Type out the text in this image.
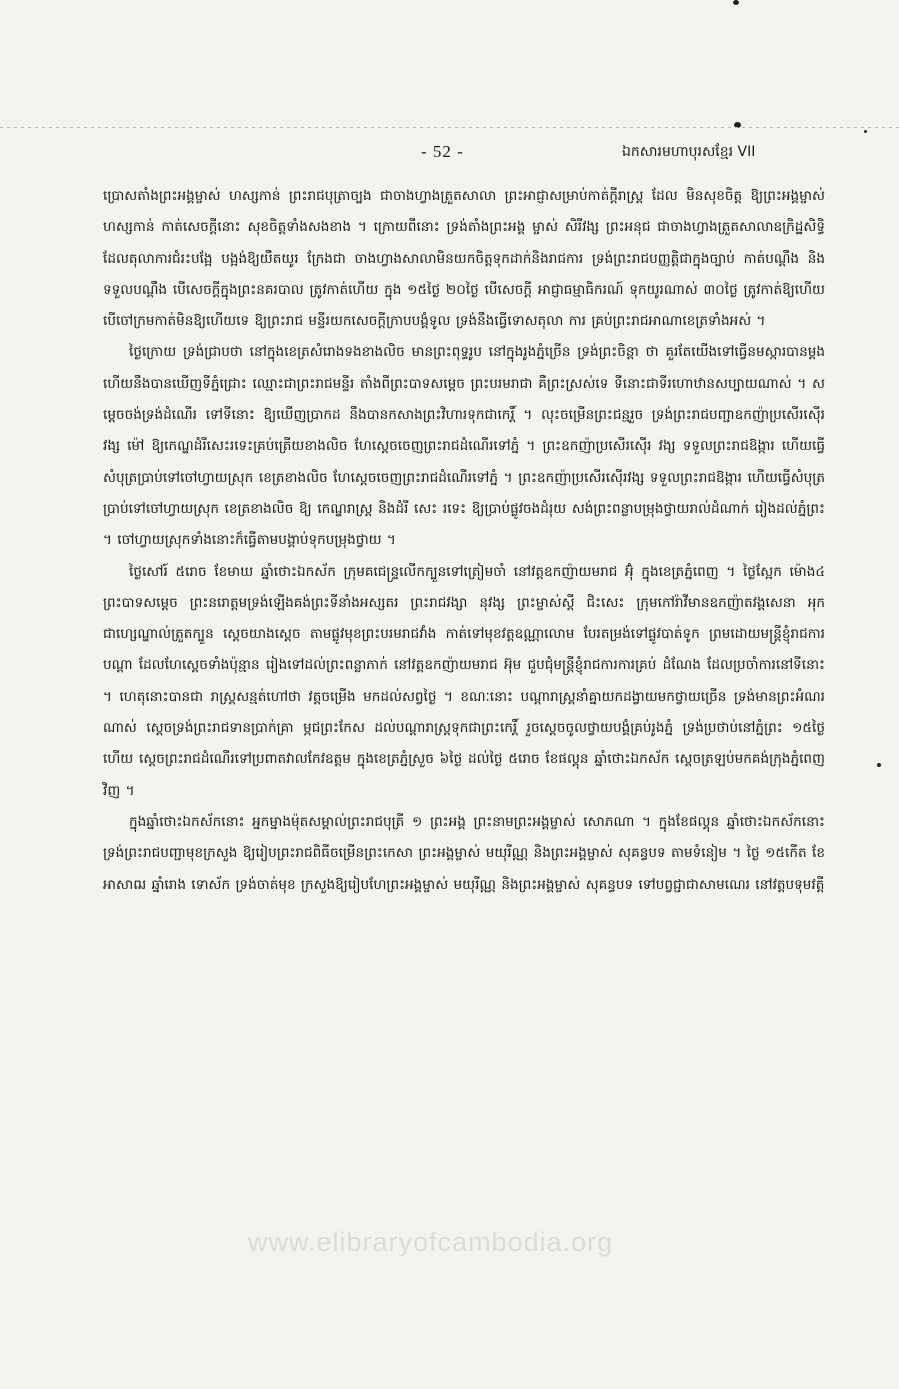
- 52 -	ឯកសារមហាបុរសខ្មែរ VII

ប្រោសតាំងព្រះអង្គម្ចាស់ ហស្សកាន់ ព្រះរាជបុត្រាច្បង ជាចាងហ្វាងត្រួតសាលា ព្រះអាជ្ញាសម្រាប់កាត់ក្តីរាស្ត្រ ដែល មិនសុខចិត្ត ឱ្យព្រះអង្គម្ចាស់ ហស្សកាន់ កាត់សេចក្តីនោះ សុខចិត្តទាំងសងខាង ។ ក្រោយពីនោះ ទ្រង់តាំងព្រះអង្គ ម្ចាស់ សិរីវង្ស ព្រះអនុជ ជាចាងហ្វាងត្រួតសាលាឧក្រិដ្ឋសិទ្ធិ ដែលតុលាការជំរះបង្អែ បង្អង់ឱ្យយឺតយូរ ក្រែងជា ចាងហ្វាងសាលាមិនយកចិត្តទុកដាក់និងរាជការ ទ្រង់ព្រះរាជបញ្ញត្តិជាក្នុងច្បាប់ កាត់បណ្តឹង និងទទួលបណ្តឹង បើសេចក្តីក្នុងព្រះនគរបាល ត្រូវកាត់ហើយ ក្នុង ១៥ថ្ងៃ ២០ថ្ងៃ បើសេចក្តី អាជ្ញាធម្មាធិករណ៍ ទុកយូរណាស់ ៣០ថ្ងៃ ត្រូវកាត់ឱ្យហើយ បើចៅក្រមកាត់មិនឱ្យហើយទេ ឱ្យព្រះរាជ មន្ទីរយកសេចក្តីក្រាបបង្គំទូល ទ្រង់នឹងធ្វើទោសតុលា ការ គ្រប់ព្រះរាជអាណាខេត្រទាំងអស់ ។

ថ្ងៃក្រោយ ទ្រង់ជ្រាបថា នៅក្នុងខេត្រសំរោងទងខាងលិច មានព្រះពុទ្ធរូប នៅក្នុងរូងភ្នំច្រើន ទ្រង់ព្រះចិន្តា ថា គួរតែយើងទៅធ្វើនមស្ការបានម្តង ហើយនឹងបានឃើញទីភ្នំជ្រោះ ឈ្មោះជាព្រះរាជមន្ទីរ តាំងពីព្រះបាទសម្តេច ព្រះបរមរាជា គឺព្រះស្រស់ទេ ទីនោះជាទីរហោឋានសប្បាយណាស់ ។ សម្តេចចង់ទ្រង់ដំណើរ ទៅទីនោះ ឱ្យឃើញប្រាកដ នឹងបានកសាងព្រះវិហារទុកជាកេរ្តិ៍ ។ លុះចម្រើនព្រះជន្មរួច ទ្រង់ព្រះរាជបញ្ជាឧកញ៉ាប្រសើរស៊ើរ វង្ស ម៉ៅ ឱ្យកេណ្ឌដំរីសេះរទេះគ្រប់ត្រើយខាងលិច ហែស្តេចចេញព្រះរាជដំណើរទៅភ្នំ ។ ព្រះឧកញ៉ាប្រសើរស៊ើរ វង្ស ទទួលព្រះរាជឱង្ការ ហើយធ្វើសំបុត្រប្រាប់ទៅចៅហ្វាយស្រុក ខេត្រខាងលិច ហែស្តេចចេញព្រះរាជដំណើរទៅភ្នំ ។ ព្រះឧកញ៉ាប្រសើរស៊ើរវង្ស ទទួលព្រះរាជឱង្ការ ហើយធ្វើសំបុត្រប្រាប់ទៅចៅហ្វាយស្រុក ខេត្រខាងលិច ឱ្យ កេណ្ឌរាស្ត្រ និងដំរី សេះ រទេះ ឱ្យប្រាប់ផ្លូវចងដំរុយ សង់ព្រះពន្លាបម្រុងថ្វាយរាល់ដំណាក់ រៀងដល់ភ្នំព្រះ ។ ចៅហ្វាយស្រុកទាំងនោះក៏ធ្វើតាមបង្គាប់ទុកបម្រុងថ្វាយ ។

ថ្ងៃសៅរ៍ ៥រោច ខែមាឃ ឆ្នាំថោះឯកស័ក ក្រុមគជេន្ទ្រលើកក្បួនទៅត្រៀមចាំ នៅវត្តឧកញ៉ាយមរាជ អ៊ុំ ក្នុងខេត្រភ្នំពេញ ។ ថ្ងៃស្អែក ម៉ោង៤ ព្រះបាទសម្តេច ព្រះនរោត្តមទ្រង់ឡើងគង់ព្រះទីនាំងអស្សតរ ព្រះរាជវង្សា នុវង្ស ព្រះម្ចាស់ស្តី ជិះសេះ ក្រុមកៅរ៉ាវីមានឧកញ៉ាតវង្គសេនា អុក ជាហេ្សណ្ឌាល់ត្រួតក្បួន ស្តេចយាងស្តេច តាមផ្លូវមុខព្រះបរមរាជវាំង កាត់ទៅមុខវត្តឧណ្ណាលោម បែរតម្រង់ទៅផ្លូវបាត់ទូក ព្រមដោយមន្ត្រីខ្ញុំរាជការ បណ្តា ដែលហែស្តេចទាំងប៉ុន្មាន រៀងទៅដល់ព្រះពន្លាភាក់ នៅវត្តឧកញ៉ាយមរាជ អ៊ុម ជួបជុំមន្ត្រីខ្ញុំរាជការការគ្រប់ ដំណែង ដែលប្រចាំការនៅទីនោះ ។ ហេតុនោះបានជា រាស្ត្រសន្មត់ហៅថា វត្តចម្រើង មកដល់សព្វថ្ងៃ ។ ខណៈនោះ បណ្តារាស្ត្រនាំគ្នាយកដង្វាយមកថ្វាយច្រើន ទ្រង់មានព្រះអំណរណាស់ ស្តេចទ្រង់ព្រះរាជទានប្រាក់គ្រា ម្ភជព្រះកែស ដល់បណ្តារាស្ត្រទុកជាព្រះកេរ្តិ៍ រួចស្តេចចូលថ្វាយបង្គំគ្រប់រូងភ្នំ ទ្រង់ប្រថាប់នៅភ្នំព្រះ ១៥ថ្ងៃ ហើយ ស្តេចព្រះរាជដំណើរទៅប្រពាតវាលកែវឧត្តម ក្នុងខេត្រភ្នំស្រួច ៦ថ្ងៃ ដល់ថ្ងៃ ៥រោច ខែផល្គុន ឆ្នាំថោះឯកស័ក ស្តេចត្រឡប់មកគង់ក្រុងភ្នំពេញវិញ ។

ក្នុងឆ្នាំថោះឯកស័កនោះ អ្នកម្នាងម៉ុតសម្គាល់ព្រះរាជបុត្រី ១ ព្រះអង្គ ព្រះនាមព្រះអង្គម្ចាស់ សោភណា ។ ក្នុងខែផល្គុន ឆ្នាំថោះឯកស័កនោះ ទ្រង់ព្រះរាជបញ្ជាមុខក្រសួង ឱ្យរៀបព្រះរាជពិធីចម្រើនព្រះកេសា ព្រះអង្គម្ចាស់ មយុរីណ្ណ និងព្រះអង្គម្ចាស់ សុគន្ធបទ តាមទំនៀម ។ ថ្ងៃ ១៥កើត ខែអាសាឍ ឆ្នាំរោង ទោស័ក ទ្រង់ចាត់មុខ ក្រសួងឱ្យរៀបហែព្រះអង្គម្ចាស់ មយុរីណ្ណ និងព្រះអង្គម្ចាស់ សុគន្ធបទ ទៅបព្វជ្ជាជាសាមណេរ នៅវត្តបទុមវត្តី

www.elibraryofcambodia.org
